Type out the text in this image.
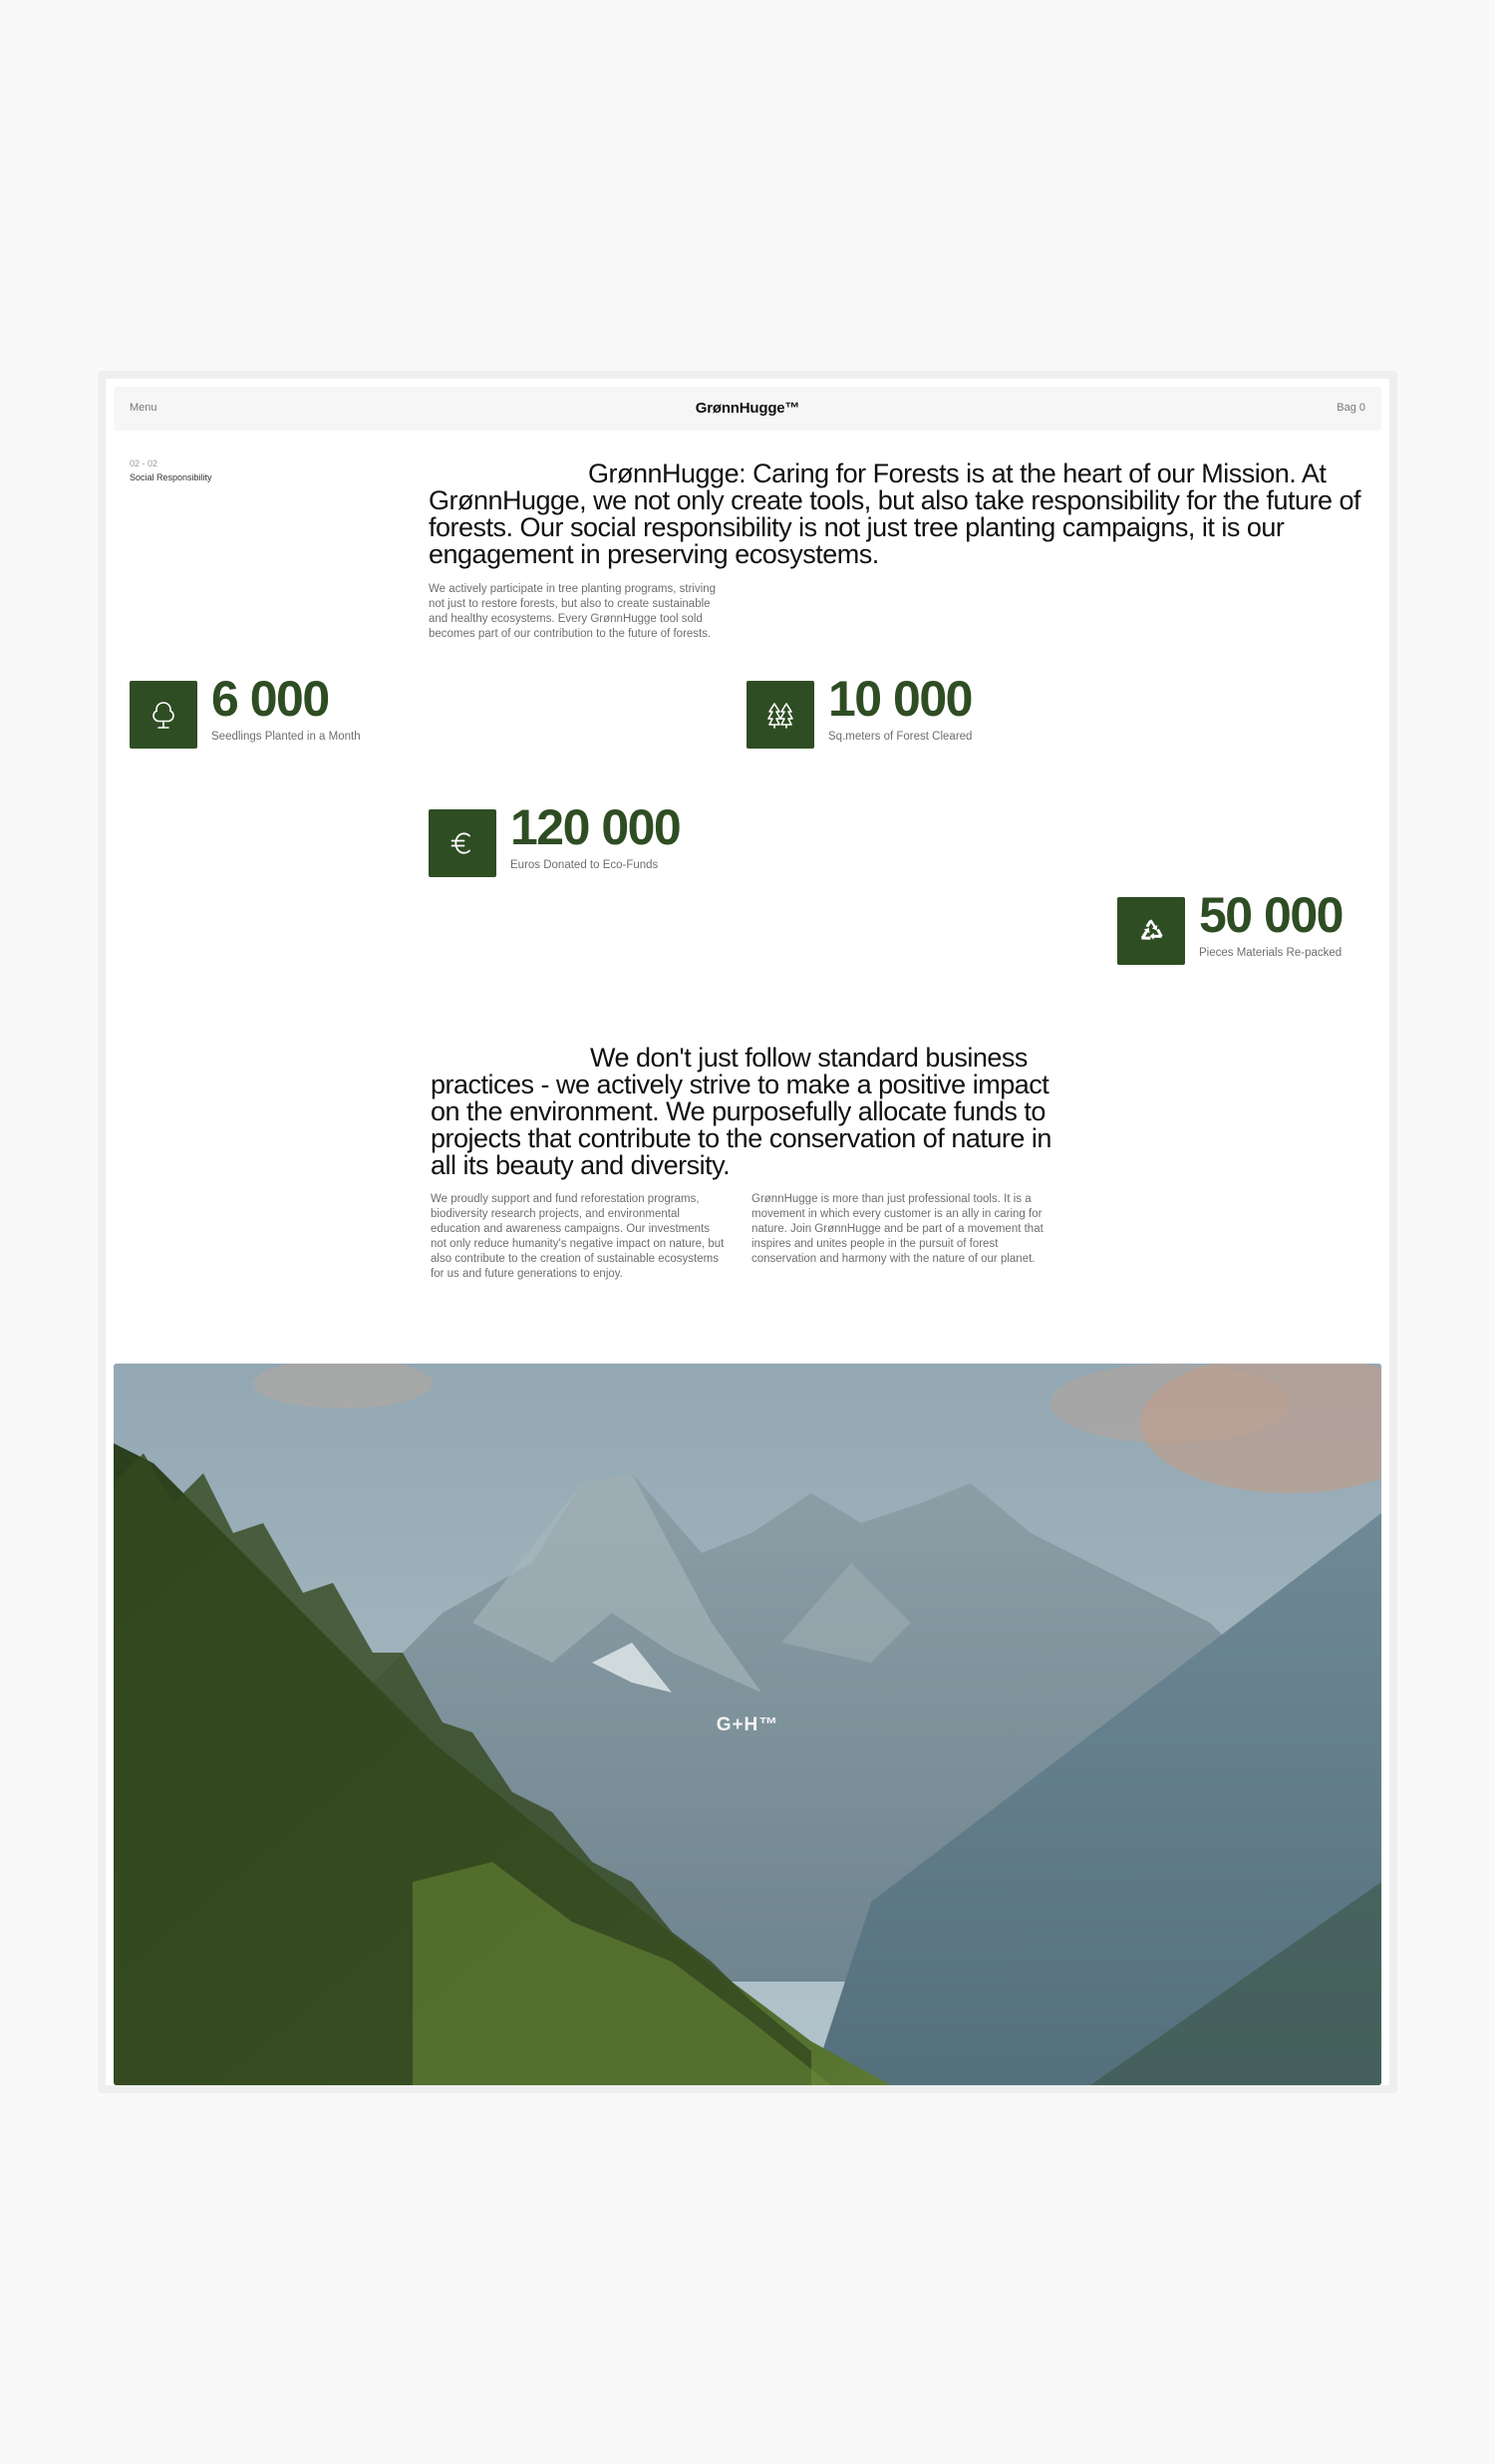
Menu	GrønnHugge™	Bag 0
02 - 02
Social Responsibility	GrønnHugge: Caring for Forests is at the heart of our Mission. At GrønnHugge, we not only create tools, but also take responsibility for the future of forests. Our social responsibility is not just tree planting campaigns, it is our engagement in preserving ecosystems.

We actively participate in tree planting programs, striving not just to restore forests, but also to create sustainable and healthy ecosystems. Every GrønnHugge tool sold becomes part of our contribution to the future of forests.

6 000
Seedlings Planted in a Month
10 000
Sq.meters of Forest Cleared
120 000
Euros Donated to Eco-Funds
50 000
Pieces Materials Re-packed
We don't just follow standard business practices - we actively strive to make a positive impact on the environment. We purposefully allocate funds to projects that contribute to the conservation of nature in all its beauty and diversity.

We proudly support and fund reforestation programs, biodiversity research projects, and environmental education and awareness campaigns. Our investments not only reduce humanity's negative impact on nature, but also contribute to the creation of sustainable ecosystems for us and future generations to enjoy.

GrønnHugge is more than just professional tools. It is a movement in which every customer is an ally in caring for nature. Join GrønnHugge and be part of a movement that inspires and unites people in the pursuit of forest conservation and harmony with the nature of our planet.

G+H™
